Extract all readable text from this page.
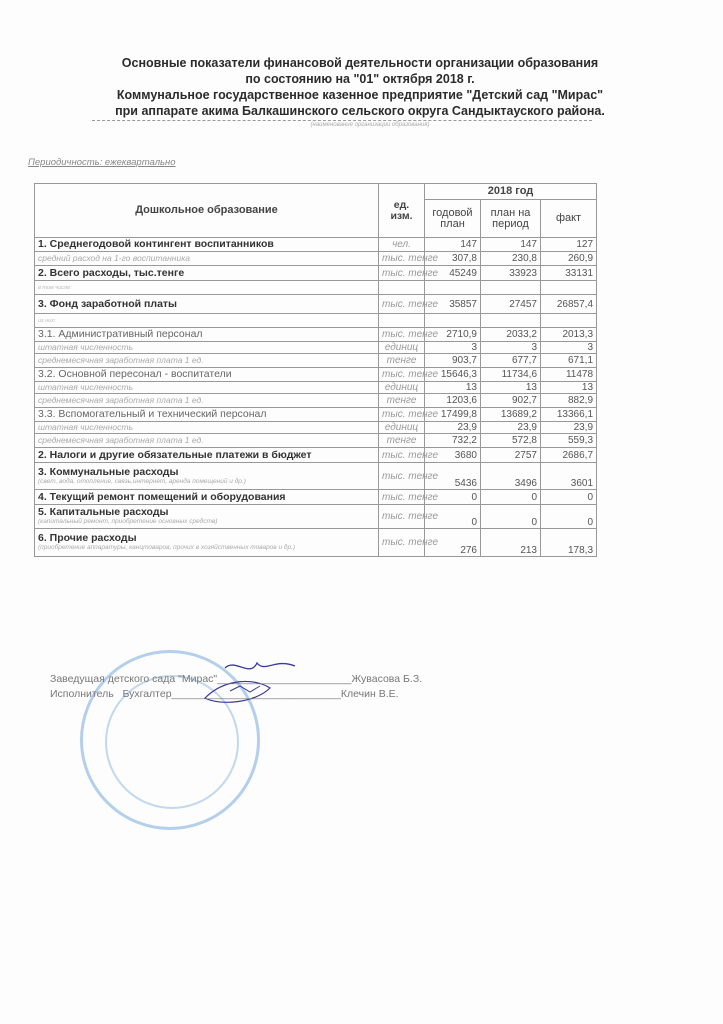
Основные показатели финансовой деятельности организации образования
по состоянию на "01" октября 2018 г.
Коммунальное государственное казенное предприятие "Детский сад "Мирас"
при аппарате акима Балкашинского сельского округа Сандыктауского района.
(наименование организации образования)
Периодичность: ежеквартально
Дошкольное образование	ед. изм.	2018 год
годовой план	план на период	факт
1. Среднегодовой контингент воспитанников	чел.	147	147	127
средний расход на 1-го воспитанника	тыс. тенге	307,8	230,8	260,9
2. Всего расходы, тыс.тенге	тыс. тенге	45249	33923	33131
в том числе:				
3. Фонд заработной платы	тыс. тенге	35857	27457	26857,4
из них:				
3.1. Административный персонал	тыс. тенге	2710,9	2033,2	2013,3
штатная численность	единиц	3	3	3
среднемесячная заработная плата 1 ед.	тенге	903,7	677,7	671,1
3.2. Основной пересонал - воспитатели	тыс. тенге	15646,3	11734,6	11478
штатная численность	единиц	13	13	13
среднемесячная заработная плата 1 ед.	тенге	1203,6	902,7	882,9
3.3. Вспомогательный и технический персонал	тыс. тенге	17499,8	13689,2	13366,1
штатная численность	единиц	23,9	23,9	23,9
среднемесячная заработная плата 1 ед.	тенге	732,2	572,8	559,3
2. Налоги и другие обязательные платежи в бюджет	тыс. тенге	3680	2757	2686,7
3. Коммунальные расходы
(свет, вода, отопление, связь,интернет, аренда помещений и др.)	тыс. тенге	5436	3496	3601
4. Текущий ремонт помещений и оборудования	тыс. тенге	0	0	0
5. Капитальные расходы
(капитальный ремонт, приобретение основных средств)	тыс. тенге	0	0	0
6. Прочие расходы
(приобретение аппаратуры, канцтоваров, прочих в хозяйственных товаров и др.)	тыс. тенге	276	213	178,3
Заведущая детского сада "Мирас"_______________________Жувасова Б.З.
Исполнитель Бухгалтер_____________________________Клечин В.Е.
